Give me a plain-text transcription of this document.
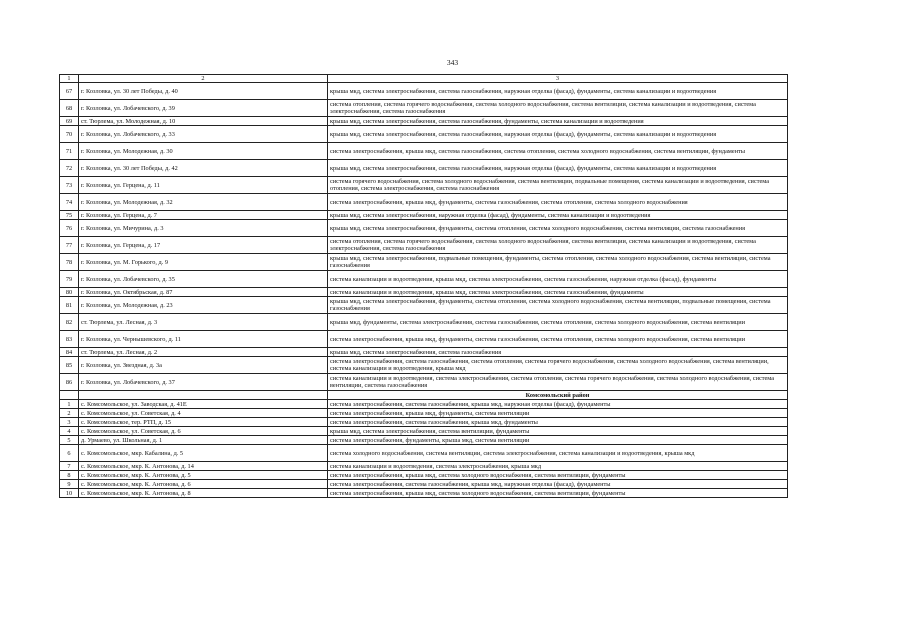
343
1	2	3
67	г. Козловка, ул. 30 лет Победы, д. 40	крыша мкд, система электроснабжения, система газоснабжения, наружная отделка (фасад), фундаменты, система канализации и водоотведения
68	г. Козловка, ул. Лобачевского, д. 39	система отопления, система горячего водоснабжения, система холодного водоснабжения, система вентиляции, система канализации и водоотведения, система электроснабжения, система газоснабжения
69	ст. Тюрлема, ул. Молодежная, д. 10	крыша мкд, система электроснабжения, система газоснабжения, фундаменты, система канализации и водоотведения
70	г. Козловка, ул. Лобачевского, д. 33	крыша мкд, система электроснабжения, система газоснабжения, наружная отделка (фасад), фундаменты, система канализации и водоотведения
71	г. Козловка, ул. Молодежная, д. 30	система электроснабжения, крыша мкд, система газоснабжения, система отопления, система холодного водоснабжения, система вентиляции, фундаменты
72	г. Козловка, ул. 30 лет Победы, д. 42	крыша мкд, система электроснабжения, система газоснабжения, наружная отделка (фасад), фундаменты, система канализации и водоотведения
73	г. Козловка, ул. Герцена, д. 11	система горячего водоснабжения, система холодного водоснабжения, система вентиляции, подвальные помещения, система канализации и водоотведения, система отопления, система электроснабжения, система газоснабжения
74	г. Козловка, ул. Молодежная, д. 32	система электроснабжения, крыша мкд, фундаменты, система газоснабжения, система отопления, система холодного водоснабжения
75	г. Козловка, ул. Герцена, д. 7	крыша мкд, система электроснабжения, наружная отделка (фасад), фундаменты, система канализации и водоотведения
76	г. Козловка, ул. Мичурина, д. 3	крыша мкд, система электроснабжения, фундаменты, система отопления, система холодного водоснабжения, система вентиляции, система газоснабжения
77	г. Козловка, ул. Герцена, д. 17	система отопления, система горячего водоснабжения, система холодного водоснабжения, система вентиляции, система канализации и водоотведения, система электроснабжения, система газоснабжения
78	г. Козловка, ул. М. Горького, д. 9	крыша мкд, система электроснабжения, подвальные помещения, фундаменты, система отопления, система холодного водоснабжения, система вентиляции, система газоснабжения
79	г. Козловка, ул. Лобачевского, д. 35	система канализации и водоотведения, крыша мкд, система электроснабжения, система газоснабжения, наружная отделка (фасад), фундаменты
80	г. Козловка, ул. Октябрьская, д. 87	система канализации и водоотведения, крыша мкд, система электроснабжения, система газоснабжения, фундаменты
81	г. Козловка, ул. Молодежная, д. 23	крыша мкд, система электроснабжения, фундаменты, система отопления, система холодного водоснабжения, система вентиляции, подвальные помещения, система газоснабжения
82	ст. Тюрлема, ул. Лесная, д. 3	крыша мкд, фундаменты, система электроснабжения, система газоснабжения, система отопления, система холодного водоснабжения, система вентиляции
83	г. Козловка, ул. Чернышевского, д. 11	система электроснабжения, крыша мкд, фундаменты, система газоснабжения, система отопления, система холодного водоснабжения, система вентиляции
84	ст. Тюрлема, ул. Лесная, д. 2	крыша мкд, система электроснабжения, система газоснабжения
85	г. Козловка, ул. Звездная, д. 3а	система электроснабжения, система газоснабжения, система отопления, система горячего водоснабжения, система холодного водоснабжения, система вентиляции, система канализации и водоотведения, крыша мкд
86	г. Козловка, ул. Лобачевского, д. 37	система канализации и водоотведения, система электроснабжения, система отопления, система горячего водоснабжения, система холодного водоснабжения, система вентиляции, система газоснабжения
		Комсомольский район
1	с. Комсомольское, ул. Заводская, д. 41Е	система электроснабжения, система газоснабжения, крыша мкд, наружная отделка (фасад), фундаменты
2	с. Комсомольское, ул. Советская, д. 4	система электроснабжения, крыша мкд, фундаменты, система вентиляции
3	с. Комсомольское, тер. РТП, д. 15	система электроснабжения, система газоснабжения, крыша мкд, фундаменты
4	с. Комсомольское, ул. Советская, д. 6	крыша мкд, система электроснабжения, система вентиляции, фундаменты
5	д. Урмаево, ул. Школьная, д. 1	система электроснабжения, фундаменты, крыша мкд, система вентиляции
6	с. Комсомольское, мкр. Кабалина, д. 5	система холодного водоснабжения, система вентиляции, система электроснабжения, система канализации и водоотведения, крыша мкд
7	с. Комсомольское, мкр. К. Антонова, д. 14	система канализации и водоотведения, система электроснабжения, крыша мкд
8	с. Комсомольское, мкр. К. Антонова, д. 5	система электроснабжения, крыша мкд, система холодного водоснабжения, система вентиляции, фундаменты
9	с. Комсомольское, мкр. К. Антонова, д. 6	система электроснабжения, система газоснабжения, крыша мкд, наружная отделка (фасад), фундаменты
10	с. Комсомольское, мкр. К. Антонова, д. 8	система электроснабжения, крыша мкд, система холодного водоснабжения, система вентиляции, фундаменты
